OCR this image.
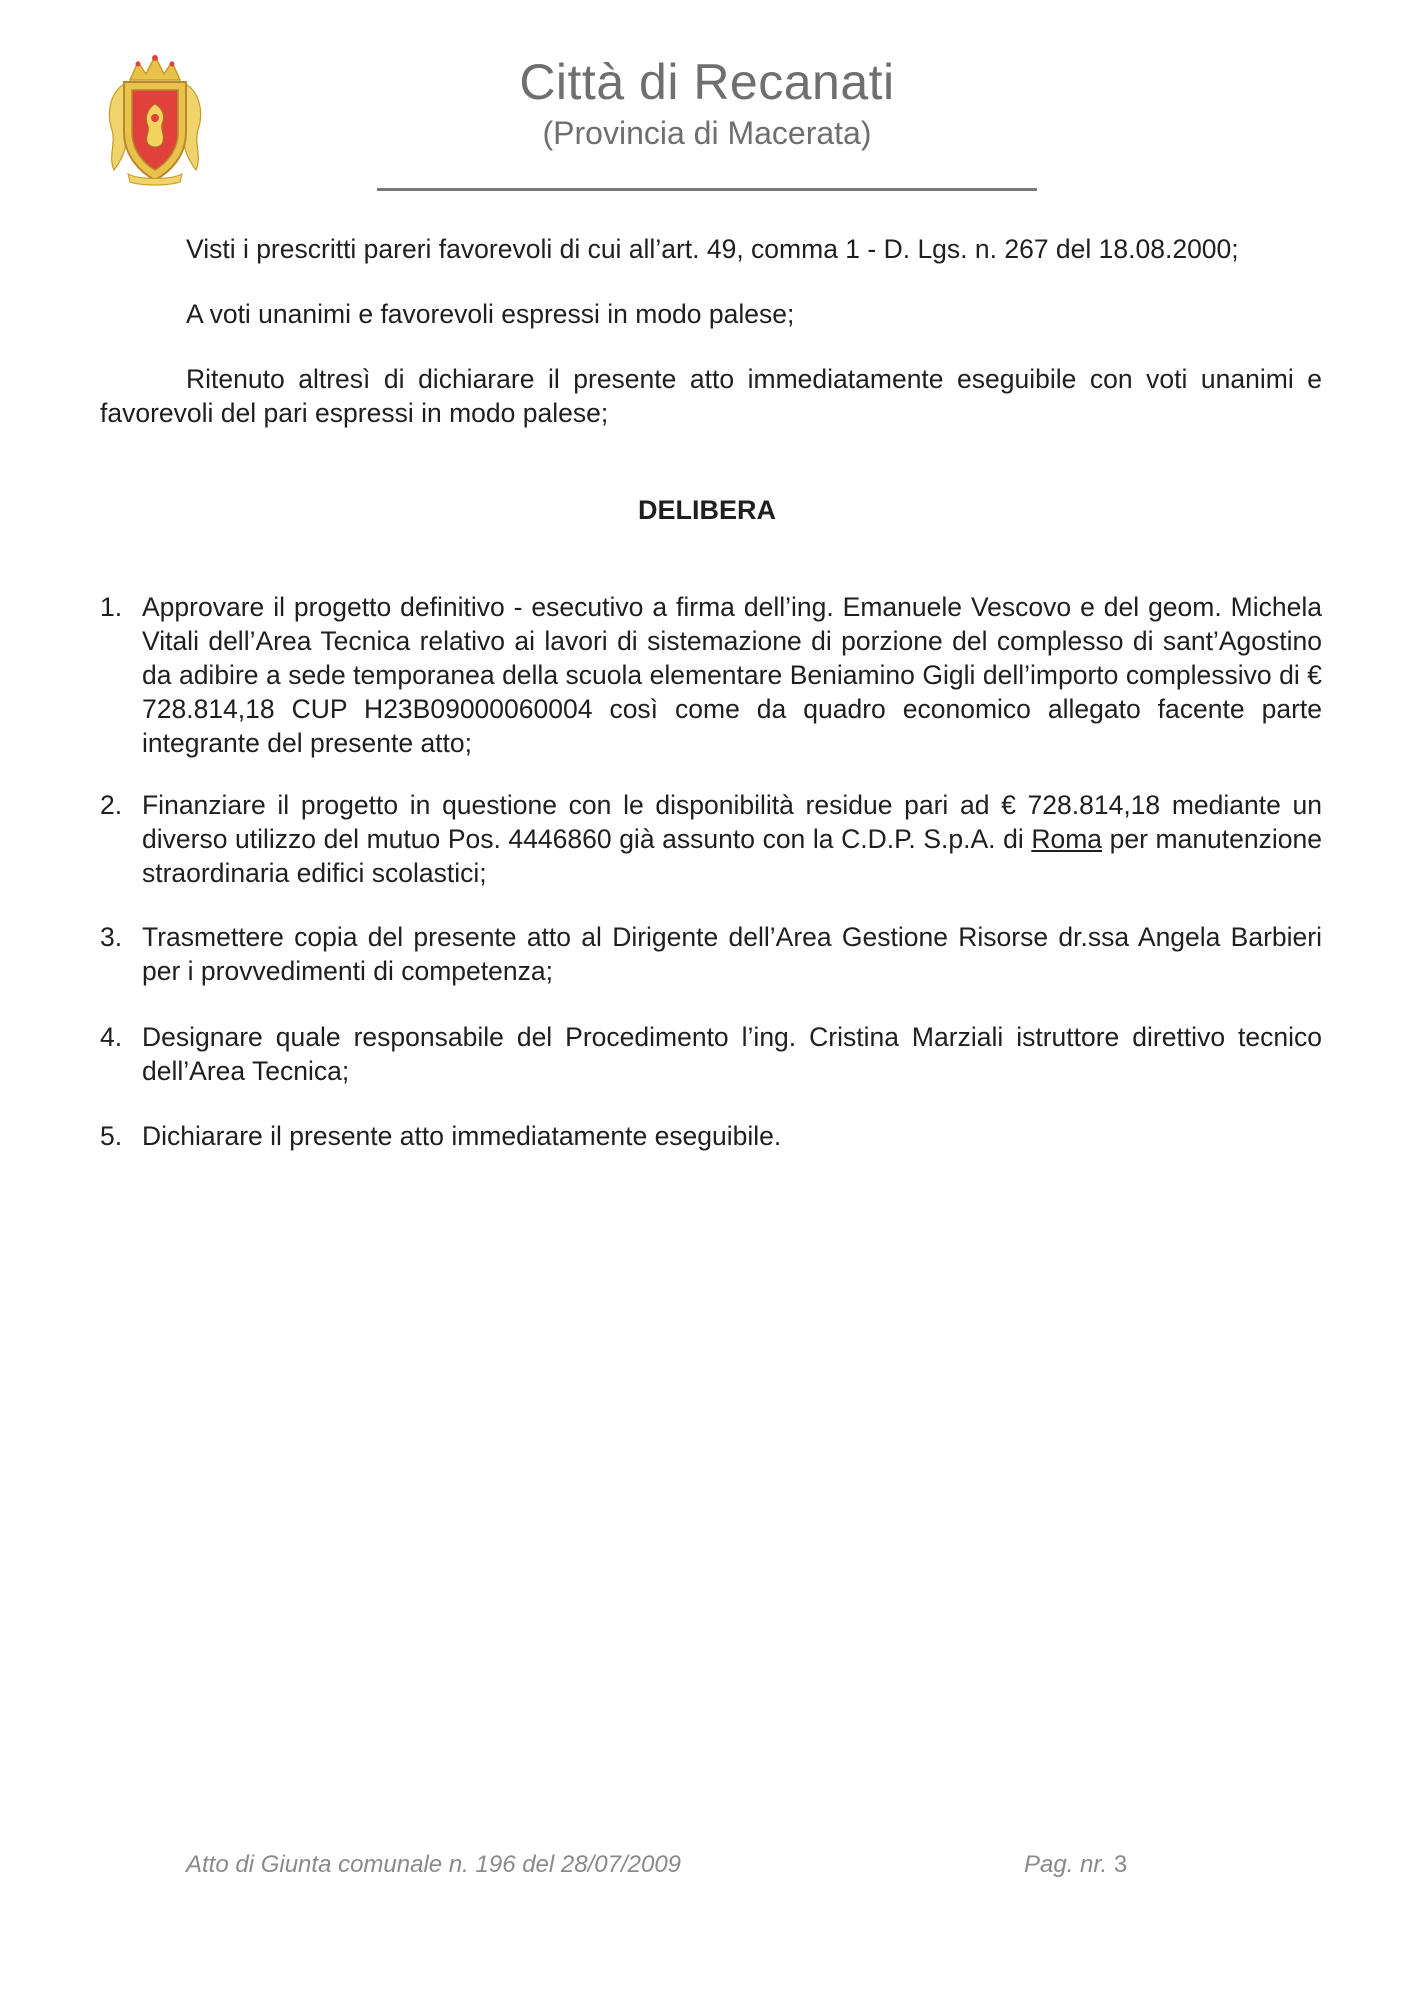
Città di Recanati
(Provincia di Macerata)
Visti i prescritti pareri favorevoli di cui all’art. 49, comma 1 - D. Lgs. n. 267 del 18.08.2000;
A voti unanimi e favorevoli espressi in modo palese;
Ritenuto altresì di dichiarare il presente atto immediatamente eseguibile con voti unanimi e favorevoli del pari espressi in modo palese;
DELIBERA
1. Approvare il progetto definitivo - esecutivo a firma dell’ing. Emanuele Vescovo e del geom. Michela Vitali dell’Area Tecnica relativo ai lavori di sistemazione di porzione del complesso di sant’Agostino da adibire a sede temporanea della scuola elementare Beniamino Gigli dell’importo complessivo di € 728.814,18 CUP H23B09000060004 così come da quadro economico allegato facente parte integrante del presente atto;
2. Finanziare il progetto in questione con le disponibilità residue pari ad € 728.814,18 mediante un diverso utilizzo del mutuo Pos. 4446860 già assunto con la C.D.P. S.p.A. di Roma per manutenzione straordinaria edifici scolastici;
3. Trasmettere copia del presente atto al Dirigente dell’Area Gestione Risorse dr.ssa Angela Barbieri per i provvedimenti di competenza;
4. Designare quale responsabile del Procedimento l’ing. Cristina Marziali istruttore direttivo tecnico dell’Area Tecnica;
5. Dichiarare il presente atto immediatamente eseguibile.
Atto di Giunta comunale n. 196 del 28/07/2009	Pag. nr. 3
